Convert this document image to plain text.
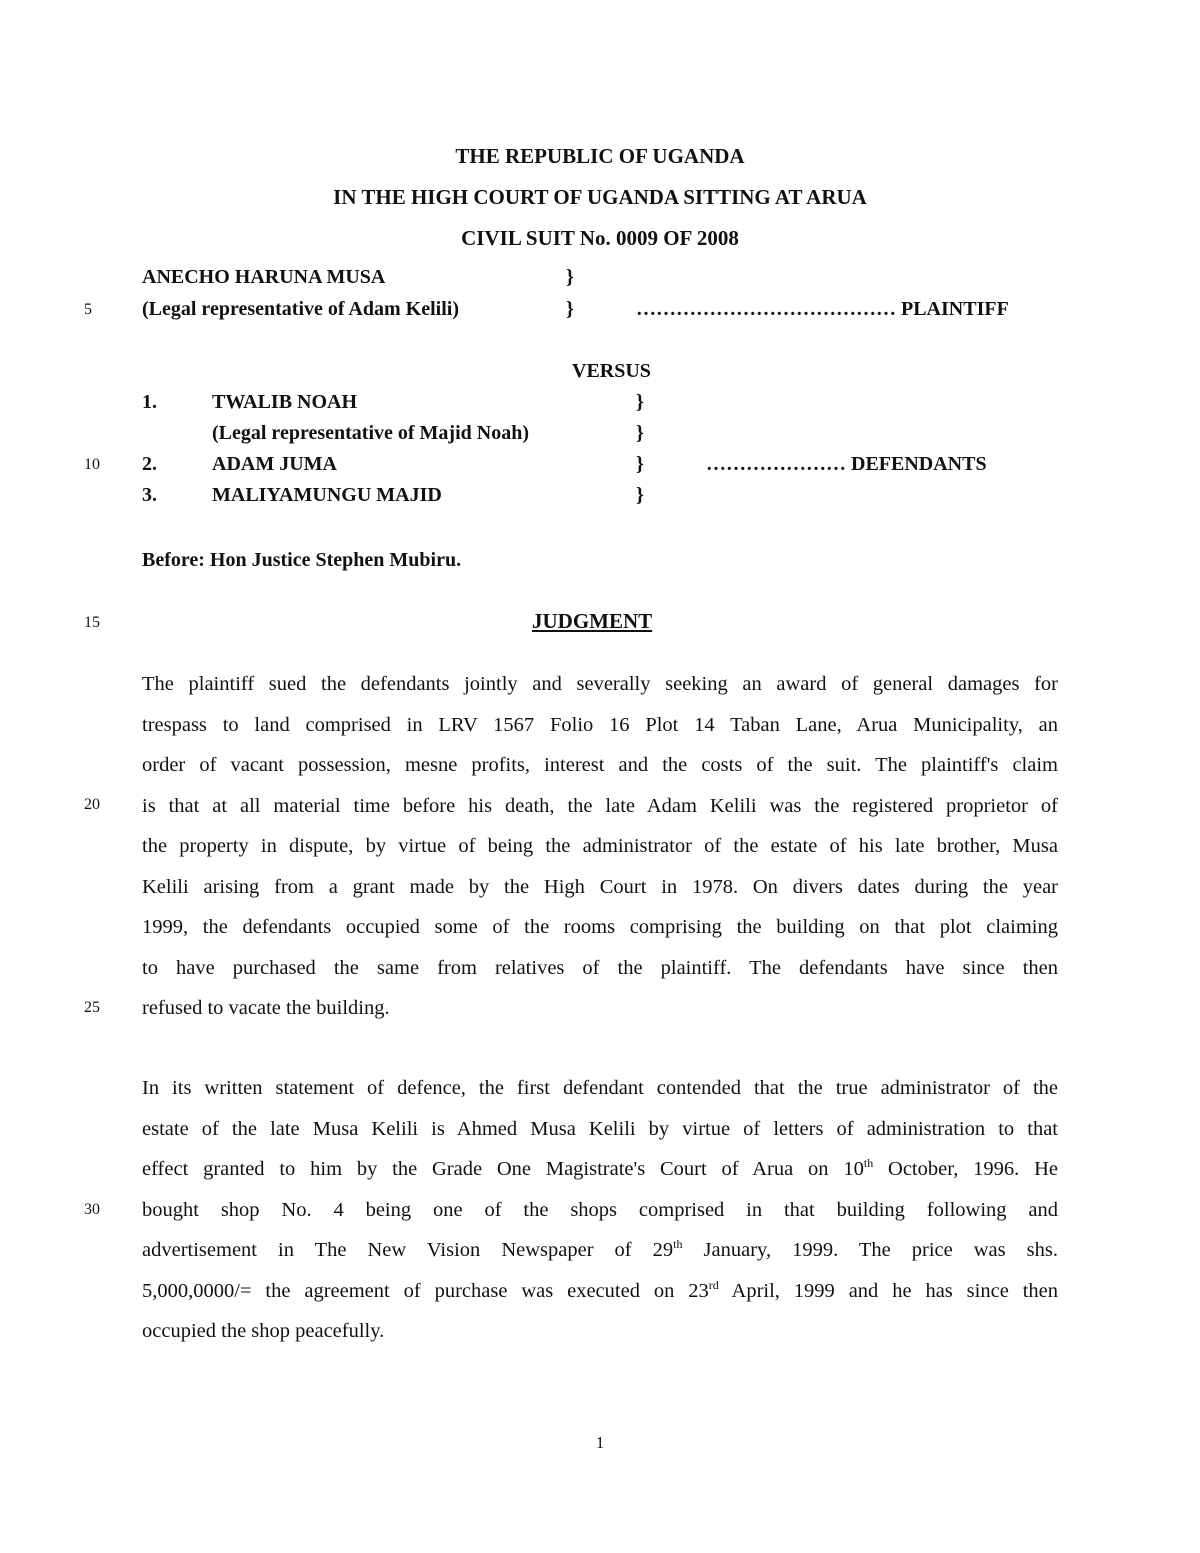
THE REPUBLIC OF UGANDA
IN THE HIGH COURT OF UGANDA SITTING AT ARUA
CIVIL SUIT No. 0009 OF 2008
ANECHO HARUNA MUSA	}
5	(Legal representative of Adam Kelili)	}	………………………………… PLAINTIFF
VERSUS
1.	TWALIB NOAH	}
(Legal representative of Majid Noah)	}
10	2.	ADAM JUMA	}	………………… DEFENDANTS
3.	MALIYAMUNGU MAJID	}
Before: Hon Justice Stephen Mubiru.
15	JUDGMENT
The plaintiff sued the defendants jointly and severally seeking an award of general damages for
trespass to land comprised in LRV 1567 Folio 16 Plot 14 Taban Lane, Arua Municipality, an
order of vacant possession, mesne profits, interest and the costs of the suit. The plaintiff's claim
is that at all material time before his death, the late Adam Kelili was the registered proprietor of
the property in dispute, by virtue of being the administrator of the estate of his late brother, Musa
Kelili arising from a grant made by the High Court in 1978. On divers dates during the year
1999, the defendants occupied some of the rooms comprising the building on that plot claiming
to have purchased the same from relatives of the plaintiff. The defendants have since then
refused to vacate the building.
20
25
In its written statement of defence, the first defendant contended that the true administrator of the
estate of the late Musa Kelili is Ahmed Musa Kelili by virtue of letters of administration to that
effect granted to him by the Grade One Magistrate's Court of Arua on 10th October, 1996. He
bought shop No. 4 being one of the shops comprised in that building following and
advertisement in The New Vision Newspaper of 29th January, 1999. The price was shs.
5,000,0000/= the agreement of purchase was executed on 23rd April, 1999 and he has since then
occupied the shop peacefully.
30
1
